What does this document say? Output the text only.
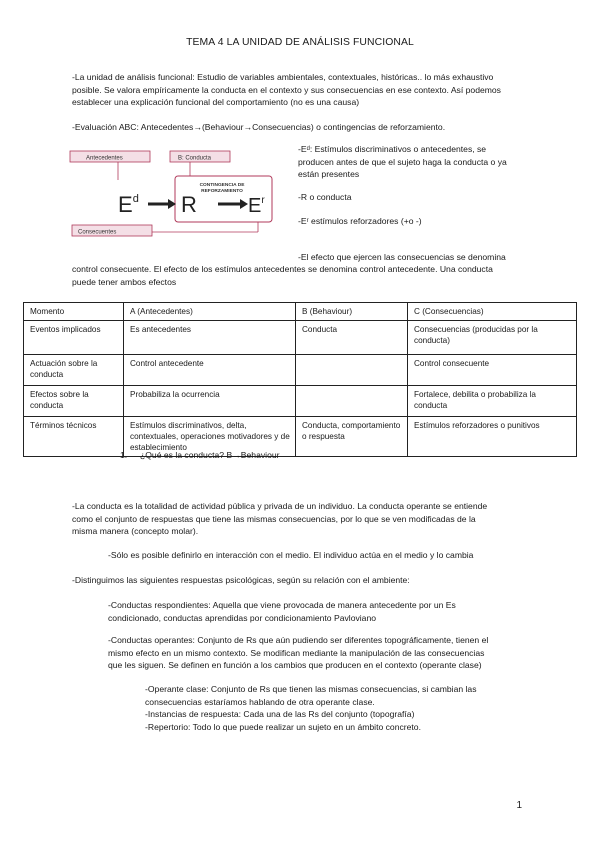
TEMA 4 LA UNIDAD DE ANÁLISIS FUNCIONAL
-La unidad de análisis funcional: Estudio de variables ambientales, contextuales, históricas.. lo más exhaustivo
posible. Se valora empíricamente la conducta en el contexto y sus consecuencias en ese contexto. Así podemos
establecer una explicación funcional del comportamiento (no es una causa)
-Evaluación ABC: Antecedentes→(Behaviour→Consecuencias) o contingencias de reforzamiento.
Antecedentes	B: Conducta
CONTINGENCIA DE
REFORZAMIENTO
$E^d$ R	$E^r$
Consecuentes
-Eᵈ: Estímulos discriminativos o antecedentes, se
producen antes de que el sujeto haga la conducta o ya
están presentes
-R o conducta
-Eʳ estímulos reforzadores (+o -)
-El efecto que ejercen las consecuencias se denomina
control consecuente. El efecto de los estímulos antecedentes se denomina control antecedente. Una conducta
puede tener ambos efectos
Momento	A (Antecedentes)	B (Behaviour)	C (Consecuencias)
Eventos implicados	Es antecedentes	Conducta	Consecuencias (producidas por la conducta)
Actuación sobre la conducta	Control antecedente		Control consecuente
Efectos sobre la conducta	Probabiliza la ocurrencia		Fortalece, debilita o probabiliza la conducta
Términos técnicos	Estímulos discriminativos, delta, contextuales, operaciones motivadores y de establecimiento	Conducta, comportamiento o respuesta	Estímulos reforzadores o punitivos
1. ¿Qué es la conducta? B→Behaviour
-La conducta es la totalidad de actividad pública y privada de un individuo. La conducta operante se entiende
como el conjunto de respuestas que tiene las mismas consecuencias, por lo que se ven modificadas de la
misma manera (concepto molar).
-Sólo es posible definirlo en interacción con el medio. El individuo actúa en el medio y lo cambia
-Distinguimos las siguientes respuestas psicológicas, según su relación con el ambiente:
-Conductas respondientes: Aquella que viene provocada de manera antecedente por un Es
condicionado, conductas aprendidas por condicionamiento Pavloviano
-Conductas operantes: Conjunto de Rs que aún pudiendo ser diferentes topográficamente, tienen el
mismo efecto en un mismo contexto. Se modifican mediante la manipulación de las consecuencias
que les siguen. Se definen en función a los cambios que producen en el contexto (operante clase)
-Operante clase: Conjunto de Rs que tienen las mismas consecuencias, si cambian las
consecuencias estaríamos hablando de otra operante clase.
-Instancias de respuesta: Cada una de las Rs del conjunto (topografía)
-Repertorio: Todo lo que puede realizar un sujeto en un ámbito concreto.
1
